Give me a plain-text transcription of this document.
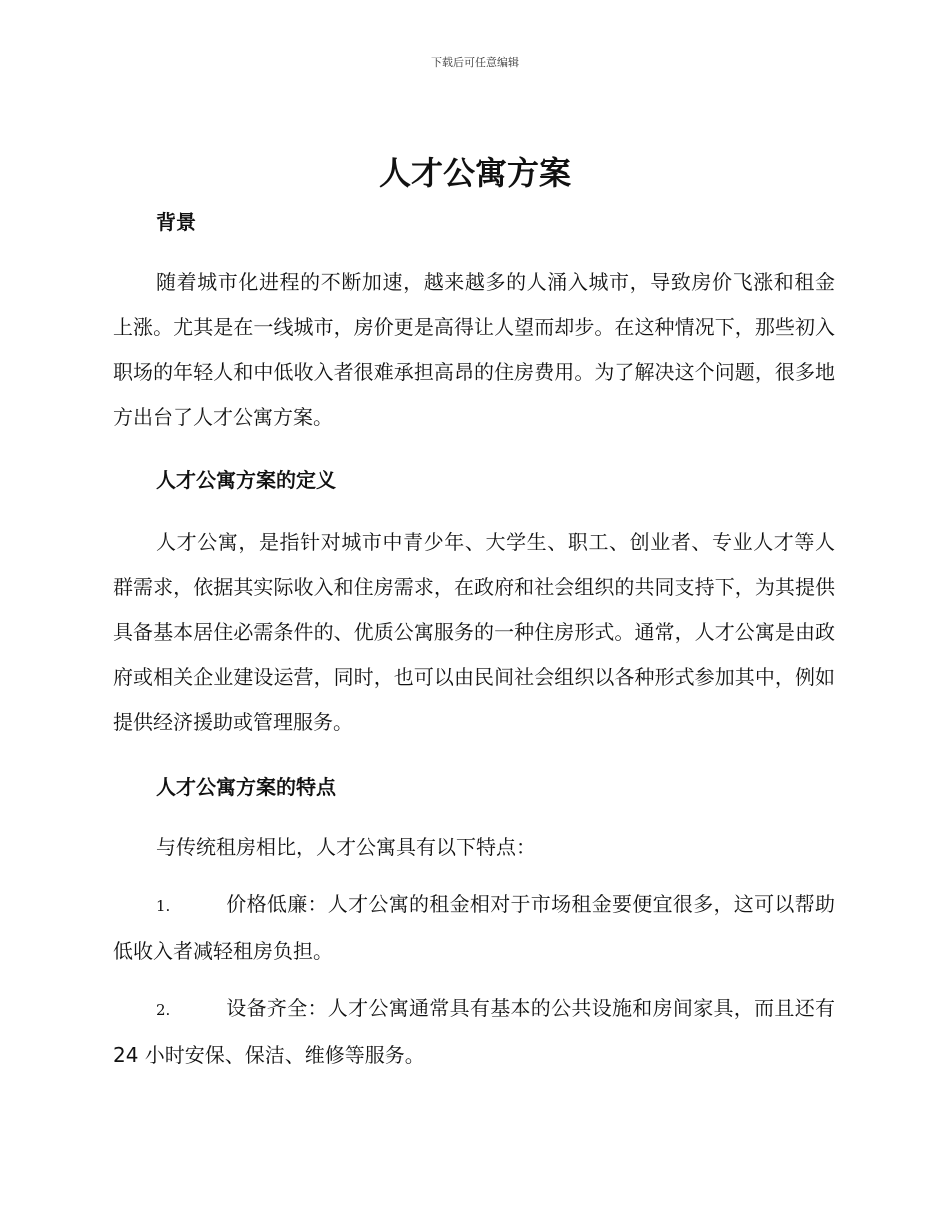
下载后可任意编辑
人才公寓方案
背景

随着城市化进程的不断加速，越来越多的人涌入城市，导致房价飞涨和租金上涨。尤其是在一线城市，房价更是高得让人望而却步。在这种情况下，那些初入职场的年轻人和中低收入者很难承担高昂的住房费用。为了解决这个问题，很多地方出台了人才公寓方案。

人才公寓方案的定义

人才公寓，是指针对城市中青少年、大学生、职工、创业者、专业人才等人群需求，依据其实际收入和住房需求，在政府和社会组织的共同支持下，为其提供具备基本居住必需条件的、优质公寓服务的一种住房形式。通常，人才公寓是由政府或相关企业建设运营，同时，也可以由民间社会组织以各种形式参加其中，例如提供经济援助或管理服务。

人才公寓方案的特点

与传统租房相比，人才公寓具有以下特点：

1.	价格低廉：人才公寓的租金相对于市场租金要便宜很多，这可以帮助低收入者减轻租房负担。
2.	设备齐全：人才公寓通常具有基本的公共设施和房间家具，而且还有 24 小时安保、保洁、维修等服务。
